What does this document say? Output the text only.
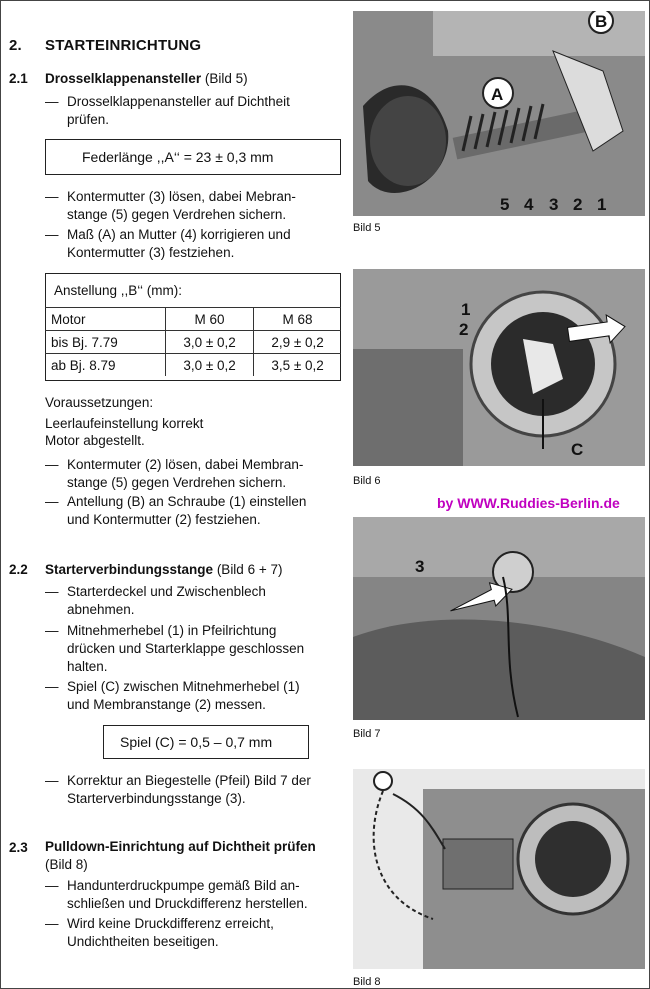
2. STARTEINRICHTUNG
2.1 Drosselklappenansteller (Bild 5)
— Drosselklappenansteller auf Dichtheit
prüfen.
Federlänge ,,A‘‘ = 23 ± 0,3 mm
— Kontermutter (3) lösen, dabei Mebran-
stange (5) gegen Verdrehen sichern.
— Maß (A) an Mutter (4) korrigieren und
Kontermutter (3) festziehen.
Anstellung ,,B‘‘ (mm):
Motor	M 60	M 68
bis Bj. 7.79	3,0 ± 0,2	2,9 ± 0,2
ab Bj. 8.79	3,0 ± 0,2	3,5 ± 0,2
Voraussetzungen:
Leerlaufeinstellung korrekt
Motor abgestellt.
— Kontermuter (2) lösen, dabei Membran-
stange (5) gegen Verdrehen sichern.
— Antellung (B) an Schraube (1) einstellen
und Kontermutter (2) festziehen.
2.2 Starterverbindungsstange (Bild 6 + 7)
— Starterdeckel und Zwischenblech
abnehmen.
— Mitnehmerhebel (1) in Pfeilrichtung
drücken und Starterklappe geschlossen
halten.
— Spiel (C) zwischen Mitnehmerhebel (1)
und Membranstange (2) messen.
Spiel (C) = 0,5 – 0,7 mm
— Korrektur an Biegestelle (Pfeil) Bild 7 der
Starterverbindungsstange (3).
2.3 Pulldown-Einrichtung auf Dichtheit prüfen
(Bild 8)
— Handunterdruckpumpe gemäß Bild an-
schließen und Druckdifferenz herstellen.
— Wird keine Druckdifferenz erreicht,
Undichtheiten beseitigen.
A
B
5 4 3 2 1
Bild 5
1
2
C
Bild 6
by WWW.Ruddies-Berlin.de
3
Bild 7
Bild 8
